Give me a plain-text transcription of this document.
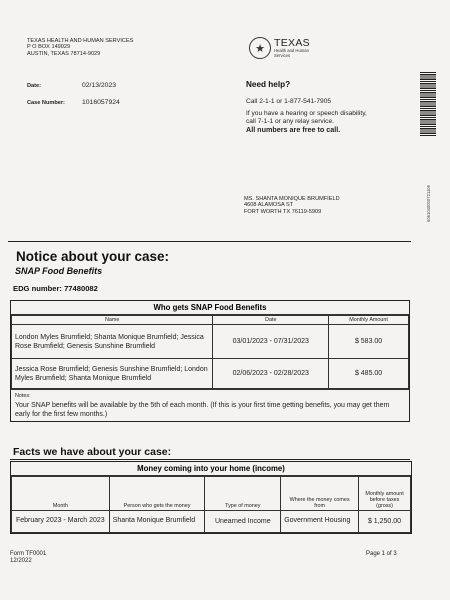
TEXAS HEALTH AND HUMAN SERVICES
P O BOX 149029
AUSTIN, TEXAS 78714-9029	★ TEXAS
Health and Human
Services
6061040000721106
Date:	02/13/2023
Case Number:	1016057924
Need help?
Call 2-1-1 or 1-877-541-7905
If you have a hearing or speech disability,
call 7-1-1 or any relay service.
All numbers are free to call.
MS. SHANTA MONIQUE BRUMFIELD
4608 ALAMOSA ST
FORT WORTH TX 76119-5909
Notice about your case:
SNAP Food Benefits
EDG number: 77480082
Who gets SNAP Food Benefits
Name	Date	Monthly Amount
London Myles Brumfield; Shanta Monique Brumfield; Jessica Rose Brumfield; Genesis Sunshine Brumfield	03/01/2023 - 07/31/2023	$ 583.00
Jessica Rose Brumfield; Genesis Sunshine Brumfield; London Myles Brumfield; Shanta Monique Brumfield	02/06/2023 - 02/28/2023	$ 485.00
Notes:
Your SNAP benefits will be available by the 5th of each month. (If this is your first time getting benefits, you may get them early for the first few months.)
Facts we have about your case:
Money coming into your home (income)
Month	Person who gets the money	Type of money	Where the money comes from	Monthly amount before taxes (gross)
February 2023 - March 2023	Shanta Monique Brumfield	Unearned Income	Government Housing	$ 1,250.00
Form TF0001
12/2022
Page 1 of 3
